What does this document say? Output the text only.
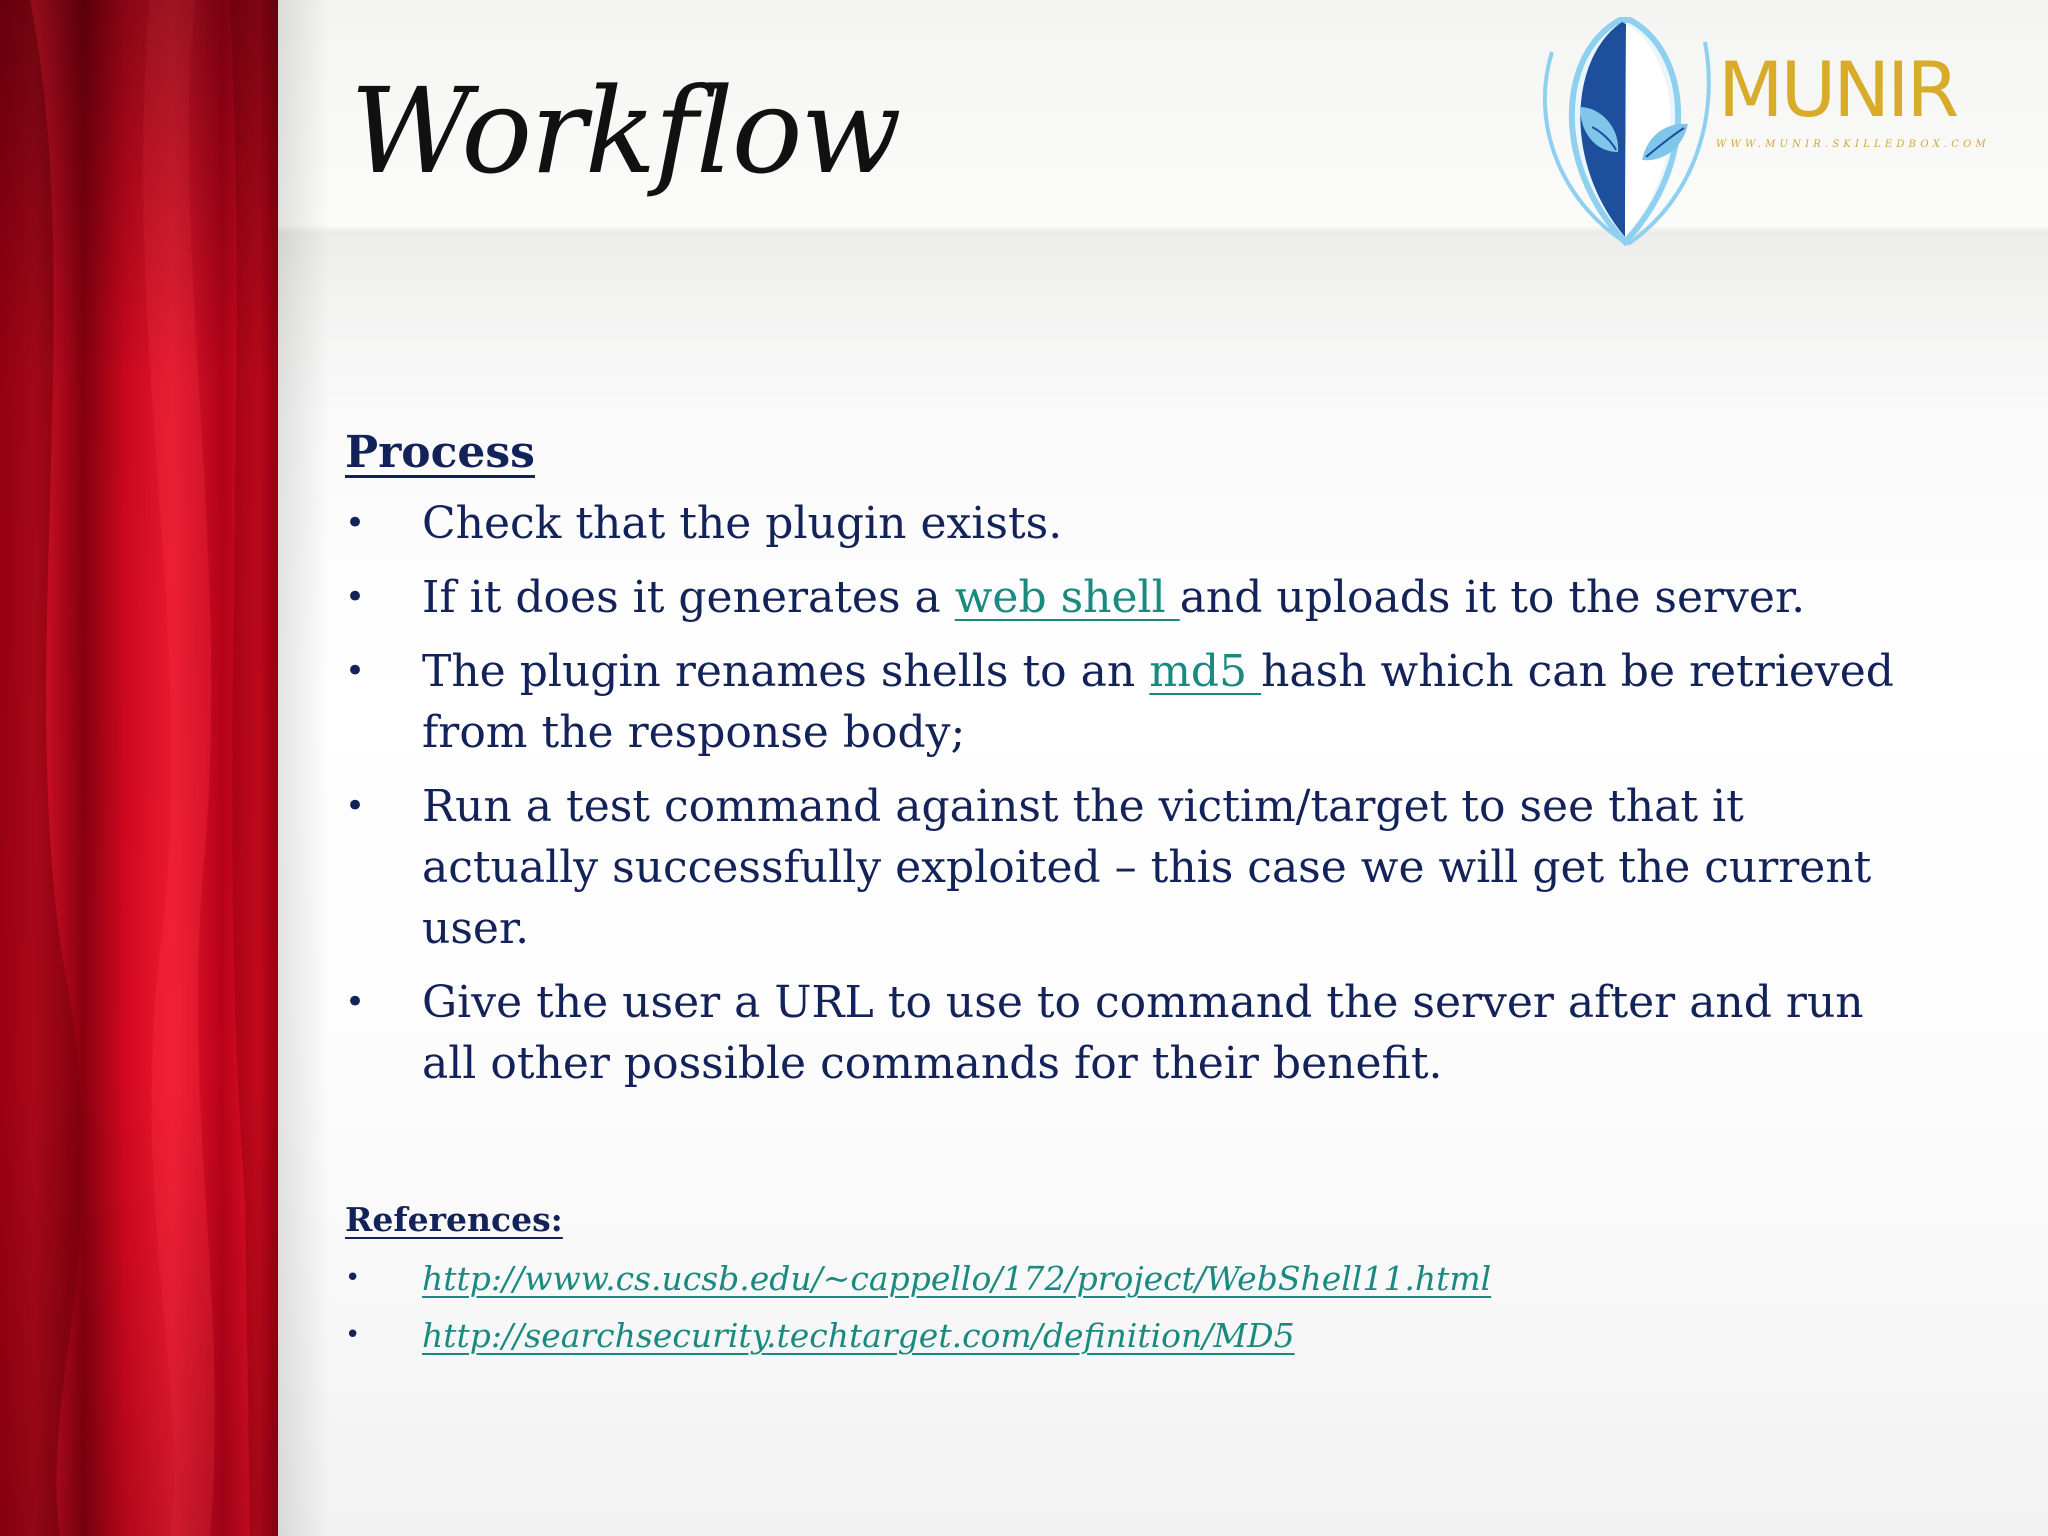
Workflow	MUNIR
WWW.MUNIR.SKILLEDBOX.COM
Process
• Check that the plugin exists.
• If it does it generates a web shell and uploads it to the server.
• The plugin renames shells to an md5 hash which can be retrieved from the response body;
• Run a test command against the victim/target to see that it actually successfully exploited – this case we will get the current user.
• Give the user a URL to use to command the server after and run all other possible commands for their benefit.
References:
• http://www.cs.ucsb.edu/~cappello/172/project/WebShell11.html
• http://searchsecurity.techtarget.com/definition/MD5
